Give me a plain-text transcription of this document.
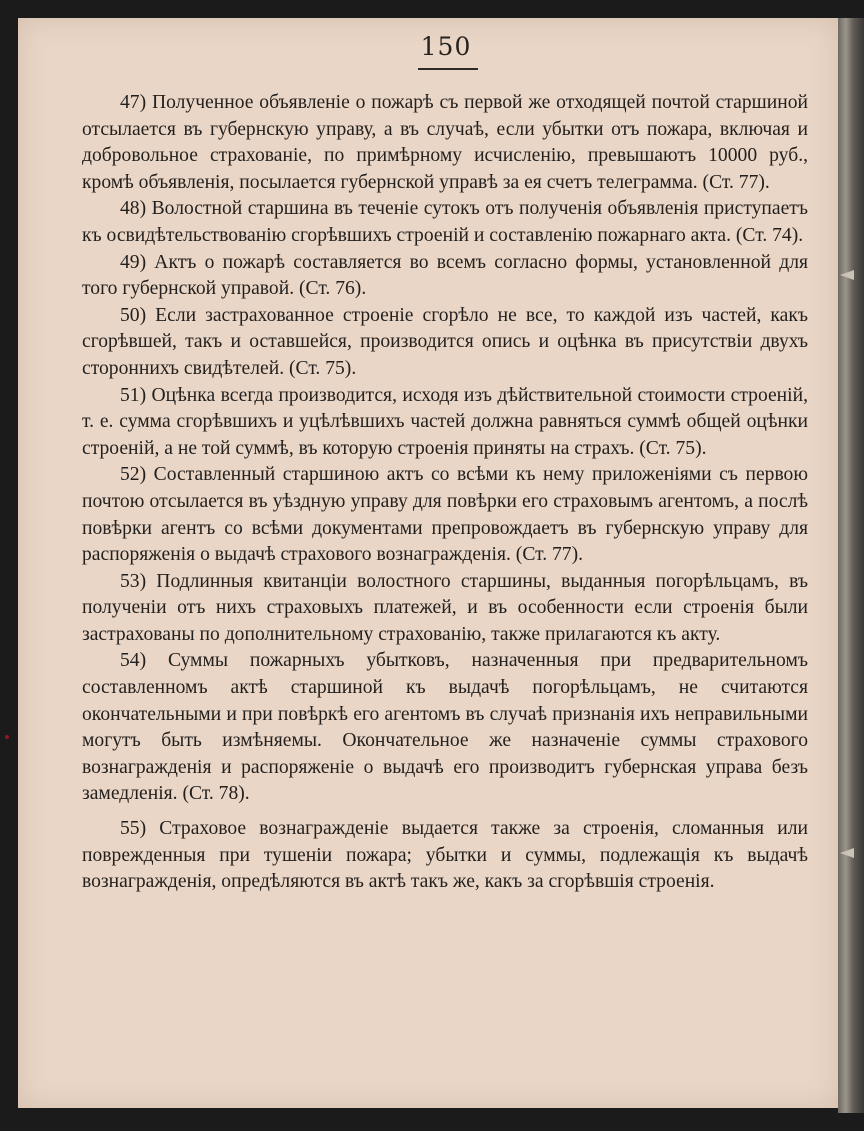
150

47) Полученное объявленіе о пожарѣ съ первой же отходящей почтой старшиной отсылается въ губернскую управу, а въ случаѣ, если убытки отъ пожара, включая и добровольное страхованіе, по примѣрному исчисленію, превышаютъ 10000 руб., кромѣ объявленія, посылается губернской управѣ за ея счетъ телеграмма. (Ст. 77).

48) Волостной старшина въ теченіе сутокъ отъ полученія объявленія приступаетъ къ освидѣтельствованію сгорѣвшихъ строеній и составленію пожарнаго акта. (Ст. 74).

49) Актъ о пожарѣ составляется во всемъ согласно формы, установленной для того губернской управой. (Ст. 76).

50) Если застрахованное строеніе сгорѣло не все, то каждой изъ частей, какъ сгорѣвшей, такъ и оставшейся, производится опись и оцѣнка въ присутствіи двухъ стороннихъ свидѣтелей. (Ст. 75).

51) Оцѣнка всегда производится, исходя изъ дѣйствительной стоимости строеній, т. е. сумма сгорѣвшихъ и уцѣлѣвшихъ частей должна равняться суммѣ общей оцѣнки строеній, а не той суммѣ, въ которую строенія приняты на страхъ. (Ст. 75).

52) Составленный старшиною актъ со всѣми къ нему приложеніями съ первою почтою отсылается въ уѣздную управу для повѣрки его страховымъ агентомъ, а послѣ повѣрки агентъ со всѣми документами препровождаетъ въ губернскую управу для распоряженія о выдачѣ страхового вознагражденія. (Ст. 77).

53) Подлинныя квитанціи волостного старшины, выданныя погорѣльцамъ, въ полученіи отъ нихъ страховыхъ платежей, и въ особенности если строенія были застрахованы по дополнительному страхованію, также прилагаются къ акту.

54) Суммы пожарныхъ убытковъ, назначенныя при предварительномъ составленномъ актѣ старшиной къ выдачѣ погорѣльцамъ, не считаются окончательными и при повѣркѣ его агентомъ въ случаѣ признанія ихъ неправильными могутъ быть измѣняемы. Окончательное же назначеніе суммы страхового вознагражденія и распоряженіе о выдачѣ его производитъ губернская управа безъ замедленія. (Ст. 78).

55) Страховое вознагражденіе выдается также за строенія, сломанныя или поврежденныя при тушеніи пожара; убытки и суммы, подлежащія къ выдачѣ вознагражденія, опредѣляются въ актѣ такъ же, какъ за сгорѣвшія строенія.
